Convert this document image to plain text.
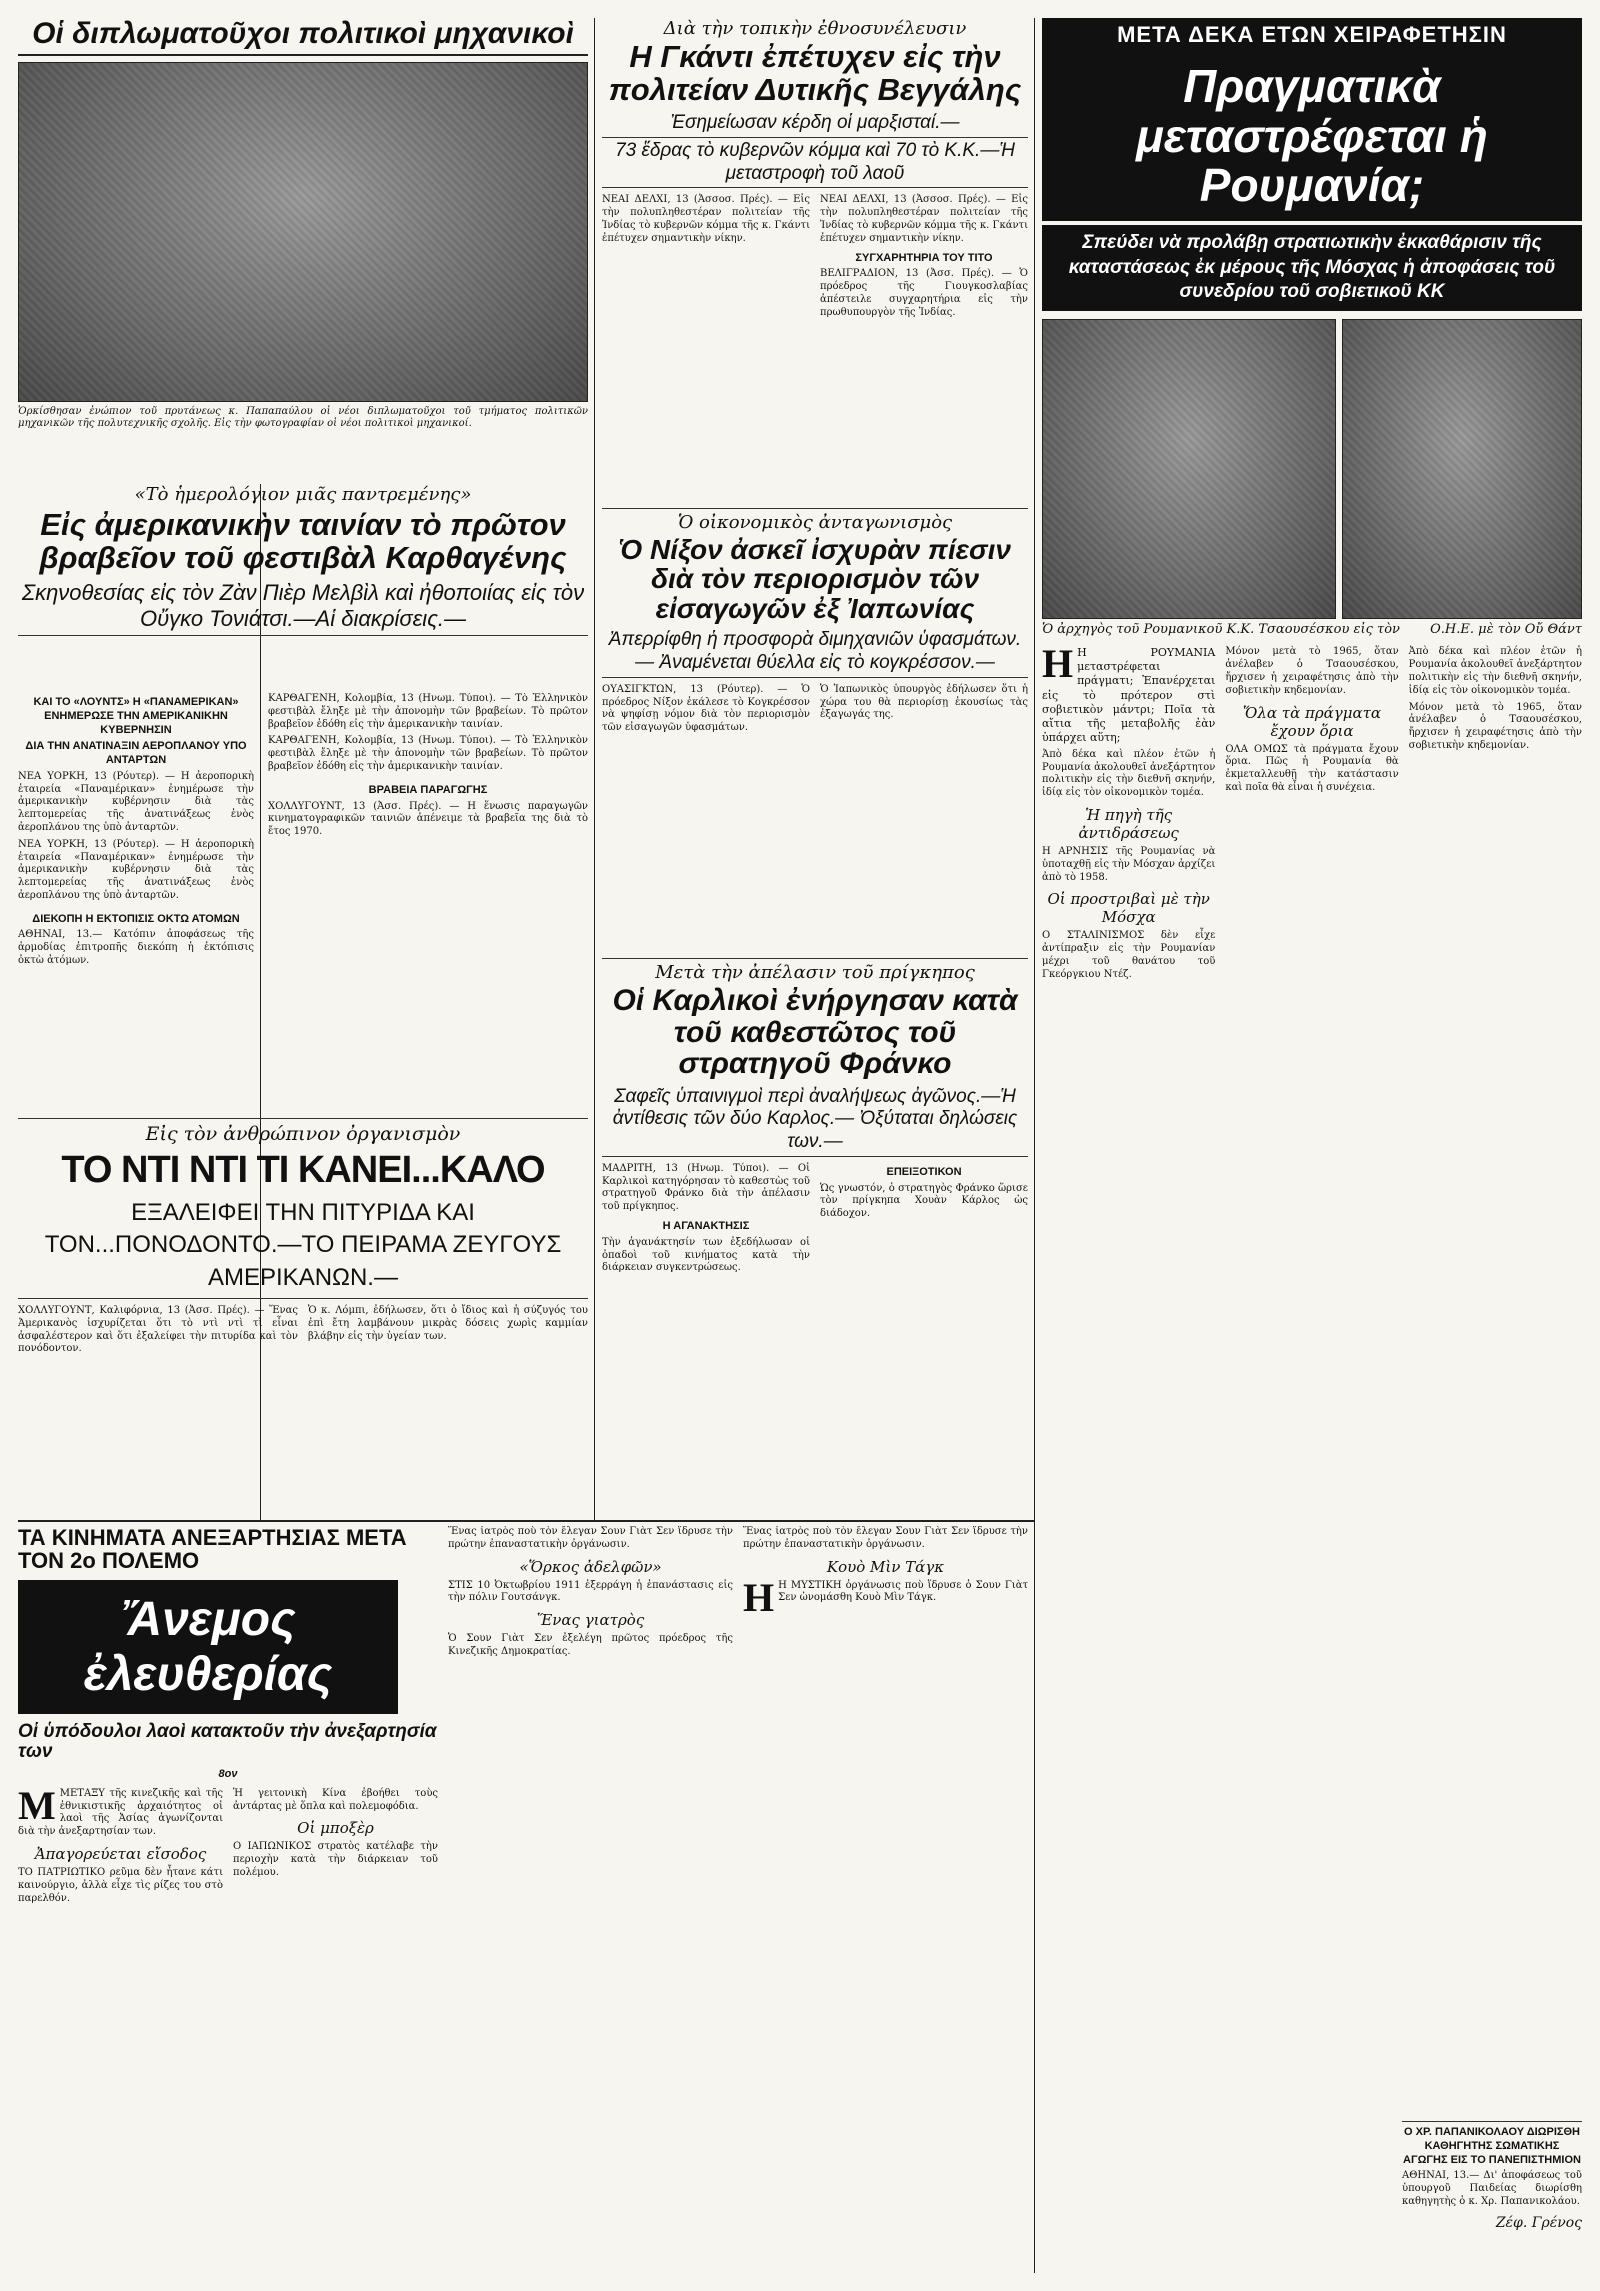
Οἱ διπλωματοῦχοι πολιτικοὶ μηχανικοὶ
Ὁρκίσθησαν ἐνώπιον τοῦ πρυτάνεως κ. Παπαπαύλου οἱ νέοι διπλωματοῦχοι τοῦ τμήματος πολιτικῶν μηχανικῶν τῆς πολυτεχνικῆς σχολῆς. Εἰς τὴν φωτογραφίαν οἱ νέοι πολιτικοὶ μηχανικοί.
«Τὸ ἡμερολόγιον μιᾶς παντρεμένης»
Εἰς ἀμερικανικὴν ταινίαν τὸ πρῶτον βραβεῖον τοῦ φεστιβὰλ Καρθαγένης
Σκηνοθεσίας εἰς τὸν Ζὰν Πιὲρ Μελβὶλ καὶ ἠθοποιίας εἰς τὸν Οὔγκο Τονιάτσι.—Αἱ διακρίσεις.—
ΚΑΙ ΤΟ «ΛΟΥΝΤΣ» Η «ΠΑΝΑΜΕΡΙΚΑΝ» ΕΝΗΜΕΡΩΣΕ ΤΗΝ ΑΜΕΡΙΚΑΝΙΚΗΝ ΚΥΒΕΡΝΗΣΙΝ
ΔΙΑ ΤΗΝ ΑΝΑΤΙΝΑΞΙΝ ΑΕΡΟΠΛΑΝΟΥ ΥΠΟ ΑΝΤΑΡΤΩΝ
ΝΕΑ ΥΟΡΚΗ, 13 (Ρόυτερ). — Η ἀεροπορικὴ ἑταιρεία «Παναμέρικαν» ἐνημέρωσε τὴν ἀμερικανικὴν κυβέρνησιν διὰ τὰς λεπτομερείας τῆς ἀνατινάξεως ἑνὸς ἀεροπλάνου της ὑπὸ ἀνταρτῶν.
ΝΕΑ ΥΟΡΚΗ, 13 (Ρόυτερ). — Η ἀεροπορικὴ ἑταιρεία «Παναμέρικαν» ἐνημέρωσε τὴν ἀμερικανικὴν κυβέρνησιν διὰ τὰς λεπτομερείας τῆς ἀνατινάξεως ἑνὸς ἀεροπλάνου της ὑπὸ ἀνταρτῶν.
ΔΙΕΚΟΠΗ Η ΕΚΤΟΠΙΣΙΣ ΟΚΤΩ ΑΤΟΜΩΝ
ΑΘΗΝΑΙ, 13.— Κατόπιν ἀποφάσεως τῆς ἁρμοδίας ἐπιτροπῆς διεκόπη ἡ ἐκτόπισις ὀκτὼ ἀτόμων.
ΚΑΡΘΑΓΕΝΗ, Κολομβία, 13 (Ηνωμ. Τύποι). — Τὸ Ἑλληνικὸν φεστιβὰλ ἔληξε μὲ τὴν ἀπονομὴν τῶν βραβείων. Τὸ πρῶτον βραβεῖον ἐδόθη εἰς τὴν ἀμερικανικὴν ταινίαν.
ΚΑΡΘΑΓΕΝΗ, Κολομβία, 13 (Ηνωμ. Τύποι). — Τὸ Ἑλληνικὸν φεστιβὰλ ἔληξε μὲ τὴν ἀπονομὴν τῶν βραβείων. Τὸ πρῶτον βραβεῖον ἐδόθη εἰς τὴν ἀμερικανικὴν ταινίαν.
ΒΡΑΒΕΙΑ ΠΑΡΑΓΩΓΗΣ
ΧΟΛΛΥΓΟΥΝΤ, 13 (Ἀσσ. Πρές). — Η ἕνωσις παραγωγῶν κινηματογραφικῶν ταινιῶν ἀπένειμε τὰ βραβεῖα της διὰ τὸ ἔτος 1970.
Εἰς τὸν ἀνθρώπινον ὀργανισμὸν
ΤΟ ΝΤΙ ΝΤΙ ΤΙ ΚΑΝΕΙ...ΚΑΛΟ
ΕΞΑΛΕΙΦΕΙ ΤΗΝ ΠΙΤΥΡΙΔΑ ΚΑΙ ΤΟΝ...ΠΟΝΟΔΟΝΤΟ.—ΤΟ ΠΕΙΡΑΜΑ ΖΕΥΓΟΥΣ ΑΜΕΡΙΚΑΝΩΝ.—
ΧΟΛΛΥΓΟΥΝΤ, Καλιφόρνια, 13 (Ἀσσ. Πρές). — Ἕνας Ἀμερικανὸς ἰσχυρίζεται ὅτι τὸ ντὶ ντὶ τὶ εἶναι ἀσφαλέστερον καὶ ὅτι ἐξαλείφει τὴν πιτυρίδα καὶ τὸν πονόδοντον.
Ὁ κ. Λόμπι, ἐδήλωσεν, ὅτι ὁ ἴδιος καὶ ἡ σύζυγός του ἐπὶ ἔτη λαμβάνουν μικρὰς δόσεις χωρὶς καμμίαν βλάβην εἰς τὴν ὑγείαν των.
Διὰ τὴν τοπικὴν ἐθνοσυνέλευσιν
Η Γκάντι ἐπέτυχεν εἰς τὴν πολιτείαν Δυτικῆς Βεγγάλης
Ἐσημείωσαν κέρδη οἱ μαρξισταί.—
73 ἕδρας τὸ κυβερνῶν κόμμα καὶ 70 τὸ Κ.Κ.—Ἡ μεταστροφὴ τοῦ λαοῦ
ΝΕΑΙ ΔΕΛΧΙ, 13 (Ἀσσοσ. Πρές). — Εἰς τὴν πολυπληθεστέραν πολιτείαν τῆς Ἰνδίας τὸ κυβερνῶν κόμμα τῆς κ. Γκάντι ἐπέτυχεν σημαντικὴν νίκην.
ΝΕΑΙ ΔΕΛΧΙ, 13 (Ἀσσοσ. Πρές). — Εἰς τὴν πολυπληθεστέραν πολιτείαν τῆς Ἰνδίας τὸ κυβερνῶν κόμμα τῆς κ. Γκάντι ἐπέτυχεν σημαντικὴν νίκην.
ΣΥΓΧΑΡΗΤΗΡΙΑ ΤΟΥ ΤΙΤΟ
ΒΕΛΙΓΡΑΔΙΟΝ, 13 (Ἀσσ. Πρές). — Ὁ πρόεδρος τῆς Γιουγκοσλαβίας ἀπέστειλε συγχαρητήρια εἰς τὴν πρωθυπουργὸν τῆς Ἰνδίας.
Ὁ οἰκονομικὸς ἀνταγωνισμὸς
Ὁ Νίξον ἀσκεῖ ἰσχυρὰν πίεσιν διὰ τὸν περιορισμὸν τῶν εἰσαγωγῶν ἐξ Ἰαπωνίας
Ἀπερρίφθη ἡ προσφορὰ διμηχανιῶν ὑφασμάτων.— Ἀναμένεται θύελλα εἰς τὸ κογκρέσσον.—
ΟΥΑΣΙΓΚΤΩΝ, 13 (Ρόυτερ). — Ὁ πρόεδρος Νίξον ἐκάλεσε τὸ Κογκρέσσον νὰ ψηφίσῃ νόμον διὰ τὸν περιορισμὸν τῶν εἰσαγωγῶν ὑφασμάτων.
Ὁ Ἰαπωνικὸς ὑπουργὸς ἐδήλωσεν ὅτι ἡ χώρα του θὰ περιορίσῃ ἑκουσίως τὰς ἐξαγωγάς της.
Μετὰ τὴν ἀπέλασιν τοῦ πρίγκηπος
Οἱ Καρλικοὶ ἐνήργησαν κατὰ τοῦ καθεστῶτος τοῦ στρατηγοῦ Φράνκο
Σαφεῖς ὑπαινιγμοὶ περὶ ἀναλήψεως ἀγῶνος.—Ἡ ἀντίθεσις τῶν δύο Καρλος.— Ὀξύταται δηλώσεις των.—
ΜΑΔΡΙΤΗ, 13 (Ηνωμ. Τύποι). — Οἱ Καρλικοὶ κατηγόρησαν τὸ καθεστὼς τοῦ στρατηγοῦ Φράνκο διὰ τὴν ἀπέλασιν τοῦ πρίγκηπος.
Η ΑΓΑΝΑΚΤΗΣΙΣ
Τὴν ἀγανάκτησίν των ἐξεδήλωσαν οἱ ὀπαδοὶ τοῦ κινήματος κατὰ τὴν διάρκειαν συγκεντρώσεως.
ΕΠΕΙΞΟΤΙΚΟΝ
Ὡς γνωστόν, ὁ στρατηγὸς Φράνκο ὥρισε τὸν πρίγκηπα Χουὰν Κάρλος ὡς διάδοχον.
ΜΕΤΑ ΔΕΚΑ ΕΤΩΝ ΧΕΙΡΑΦΕΤΗΣΙΝ
Πραγματικὰ μεταστρέφεται ἡ Ρουμανία;
Σπεύδει νὰ προλάβῃ στρατιωτικὴν ἐκκαθάρισιν τῆς καταστάσεως ἐκ μέρους τῆς Μόσχας ἡ ἀποφάσεις τοῦ συνεδρίου τοῦ σοβιετικοῦ ΚΚ
Ὁ ἀρχηγὸς τοῦ Ρουμανικοῦ Κ.Κ. Τσαουσέσκου εἰς τὸν Ο.Η.Ε. μὲ τὸν Οὔ Θάντ
Η Η ΡΟΥΜΑΝΙΑ μεταστρέφεται πράγματι; Ἐπανέρχεται εἰς τὸ πρότερον στὶ σοβιετικὸν μάντρι; Ποῖα τὰ αἴτια τῆς μεταβολῆς ἐὰν ὑπάρχει αὕτη;
Ἀπὸ δέκα καὶ πλέον ἐτῶν ἡ Ρουμανία ἀκολουθεῖ ἀνεξάρτητον πολιτικὴν εἰς τὴν διεθνῆ σκηνήν, ἰδίᾳ εἰς τὸν οἰκονομικὸν τομέα.
Ἡ πηγὴ τῆς ἀντιδράσεως
Η ΑΡΝΗΣΙΣ τῆς Ρουμανίας νὰ ὑποταχθῇ εἰς τὴν Μόσχαν ἀρχίζει ἀπὸ τὸ 1958.
Οἱ προστριβαὶ μὲ τὴν Μόσχα
Ο ΣΤΑΛΙΝΙΣΜΟΣ δὲν εἶχε ἀντίπραξιν εἰς τὴν Ρουμανίαν μέχρι τοῦ θανάτου τοῦ Γκεόργκιου Ντέζ.
Μόνον μετὰ τὸ 1965, ὅταν ἀνέλαβεν ὁ Τσαουσέσκου, ἤρχισεν ἡ χειραφέτησις ἀπὸ τὴν σοβιετικὴν κηδεμονίαν.
Ὅλα τὰ πράγματα ἔχουν ὅρια
ΟΛΑ ΟΜΩΣ τὰ πράγματα ἔχουν ὅρια. Πῶς ἡ Ρουμανία θὰ ἐκμεταλλευθῇ τὴν κατάστασιν καὶ ποῖα θὰ εἶναι ἡ συνέχεια.
Ἀπὸ δέκα καὶ πλέον ἐτῶν ἡ Ρουμανία ἀκολουθεῖ ἀνεξάρτητον πολιτικὴν εἰς τὴν διεθνῆ σκηνήν, ἰδίᾳ εἰς τὸν οἰκονομικὸν τομέα.
Μόνον μετὰ τὸ 1965, ὅταν ἀνέλαβεν ὁ Τσαουσέσκου, ἤρχισεν ἡ χειραφέτησις ἀπὸ τὴν σοβιετικὴν κηδεμονίαν.
Ο ΧΡ. ΠΑΠΑΝΙΚΟΛΑΟΥ ΔΙΩΡΙΣΘΗ ΚΑΘΗΓΗΤΗΣ ΣΩΜΑΤΙΚΗΣ ΑΓΩΓΗΣ ΕΙΣ ΤΟ ΠΑΝΕΠΙΣΤΗΜΙΟΝ
ΑΘΗΝΑΙ, 13.— Δι' ἀποφάσεως τοῦ ὑπουργοῦ Παιδείας διωρίσθη καθηγητὴς ὁ κ. Χρ. Παπανικολάου.
Ζέφ. Γρένος
ΤΑ ΚΙΝΗΜΑΤΑ ΑΝΕΞΑΡΤΗΣΙΑΣ ΜΕΤΑ ΤΟΝ 2ο ΠΟΛΕΜΟ
Ἄνεμος ἐλευθερίας
Οἱ ὑπόδουλοι λαοὶ κατακτοῦν τὴν ἀνεξαρτησία των
8ον
ΜΜΕΤΑΞΥ τῆς κινεζικῆς καὶ τῆς ἐθνικιστικῆς ἀρχαιότητος οἱ λαοὶ τῆς Ἀσίας ἀγωνίζονται διὰ τὴν ἀνεξαρτησίαν των.
Ἀπαγορεύεται εἴσοδος
ΤΟ ΠΑΤΡΙΩΤΙΚΟ ρεῦμα δὲν ἦτανε κάτι καινούργιο, ἀλλὰ εἶχε τὶς ρίζες του στὸ παρελθόν.
Ἡ γειτονικὴ Κίνα ἐβοήθει τοὺς ἀντάρτας μὲ ὅπλα καὶ πολεμοφόδια.
Οἱ μποξὲρ
Ο ΙΑΠΩΝΙΚΟΣ στρατὸς κατέλαβε τὴν περιοχὴν κατὰ τὴν διάρκειαν τοῦ πολέμου.
Ἕνας ἰατρὸς ποὺ τὸν ἔλεγαν Σουν Γιὰτ Σεν ἵδρυσε τὴν πρώτην ἐπαναστατικὴν ὀργάνωσιν.
«Ὅρκος ἀδελφῶν»
ΣΤΙΣ 10 Ὀκτωβρίου 1911 ἐξερράγη ἡ ἐπανάστασις εἰς τὴν πόλιν Γουτσάνγκ.
Ἕνας γιατρὸς
Ὁ Σουν Γιὰτ Σεν ἐξελέγη πρῶτος πρόεδρος τῆς Κινεζικῆς Δημοκρατίας.
Ἕνας ἰατρὸς ποὺ τὸν ἔλεγαν Σουν Γιὰτ Σεν ἵδρυσε τὴν πρώτην ἐπαναστατικὴν ὀργάνωσιν.
Κουὸ Μὶν Τάγκ
Η Η ΜΥΣΤΙΚΗ ὀργάνωσις ποὺ ἵδρυσε ὁ Σουν Γιὰτ Σεν ὠνομάσθη Κουὸ Μὶν Τάγκ.
